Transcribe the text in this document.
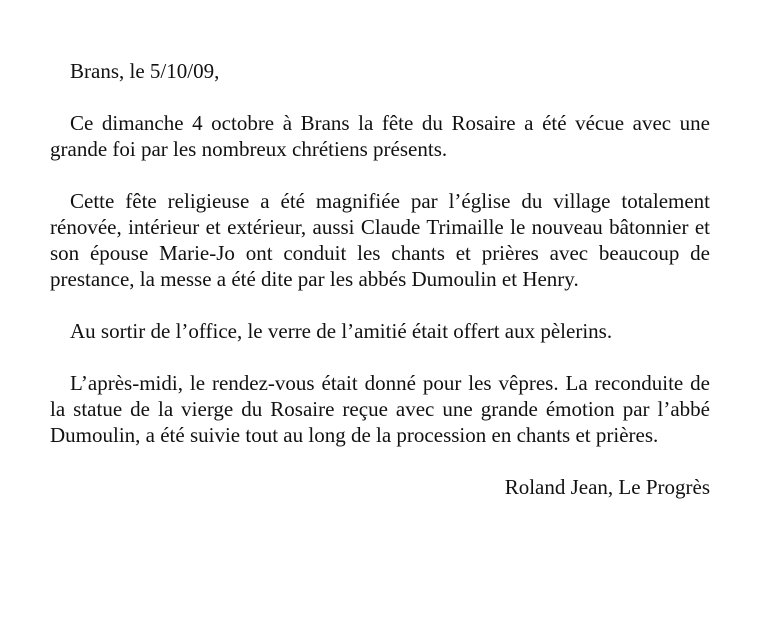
Brans, le 5/10/09,

Ce dimanche 4 octobre à Brans la fête du Rosaire a été vécue avec une grande foi par les nombreux chrétiens présents.

Cette fête religieuse a été magnifiée par l’église du village totalement rénovée, intérieur et extérieur, aussi Claude Trimaille le nouveau bâtonnier et son épouse Marie-Jo ont conduit les chants et prières avec beaucoup de prestance, la messe a été dite par les abbés Dumoulin et Henry.

Au sortir de l’office, le verre de l’amitié était offert aux pèlerins.

L’après-midi, le rendez-vous était donné pour les vêpres. La reconduite de la statue de la vierge du Rosaire reçue avec une grande émotion par l’abbé Dumoulin, a été suivie tout au long de la procession en chants et prières.

Roland Jean, Le Progrès
